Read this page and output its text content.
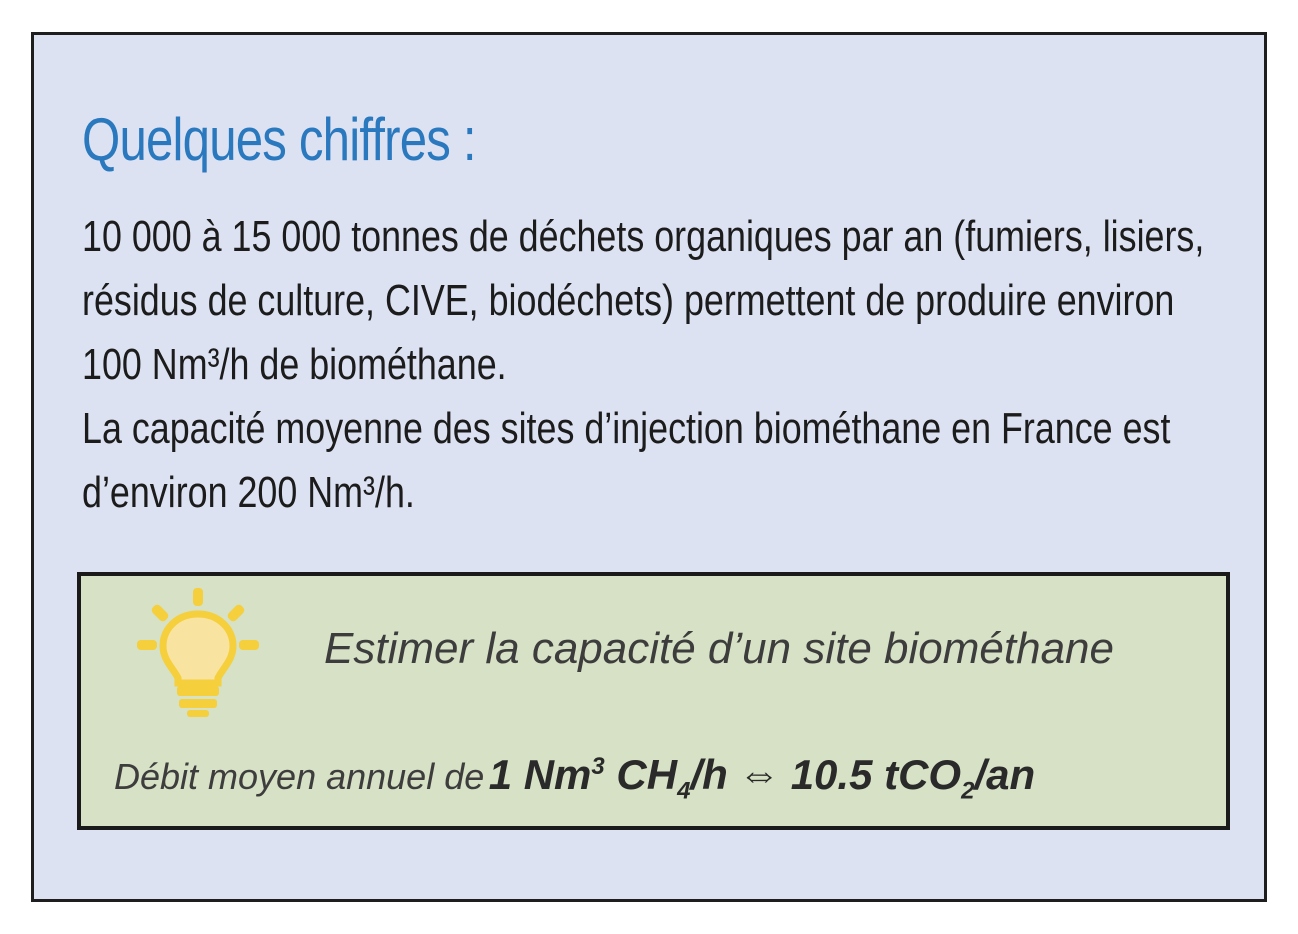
Quelques chiffres :

10 000 à 15 000 tonnes de déchets organiques par an (fumiers, lisiers, résidus de culture, CIVE, biodéchets) permettent de produire environ 100 Nm³/h de biométhane.

La capacité moyenne des sites d’injection biométhane en France est d’environ 200 Nm³/h.

Estimer la capacité d’un site biométhane
Débit moyen annuel de 1 Nm$^3$ $CH_4/h$ ⇔ 10.5 tCO$_2$/an
